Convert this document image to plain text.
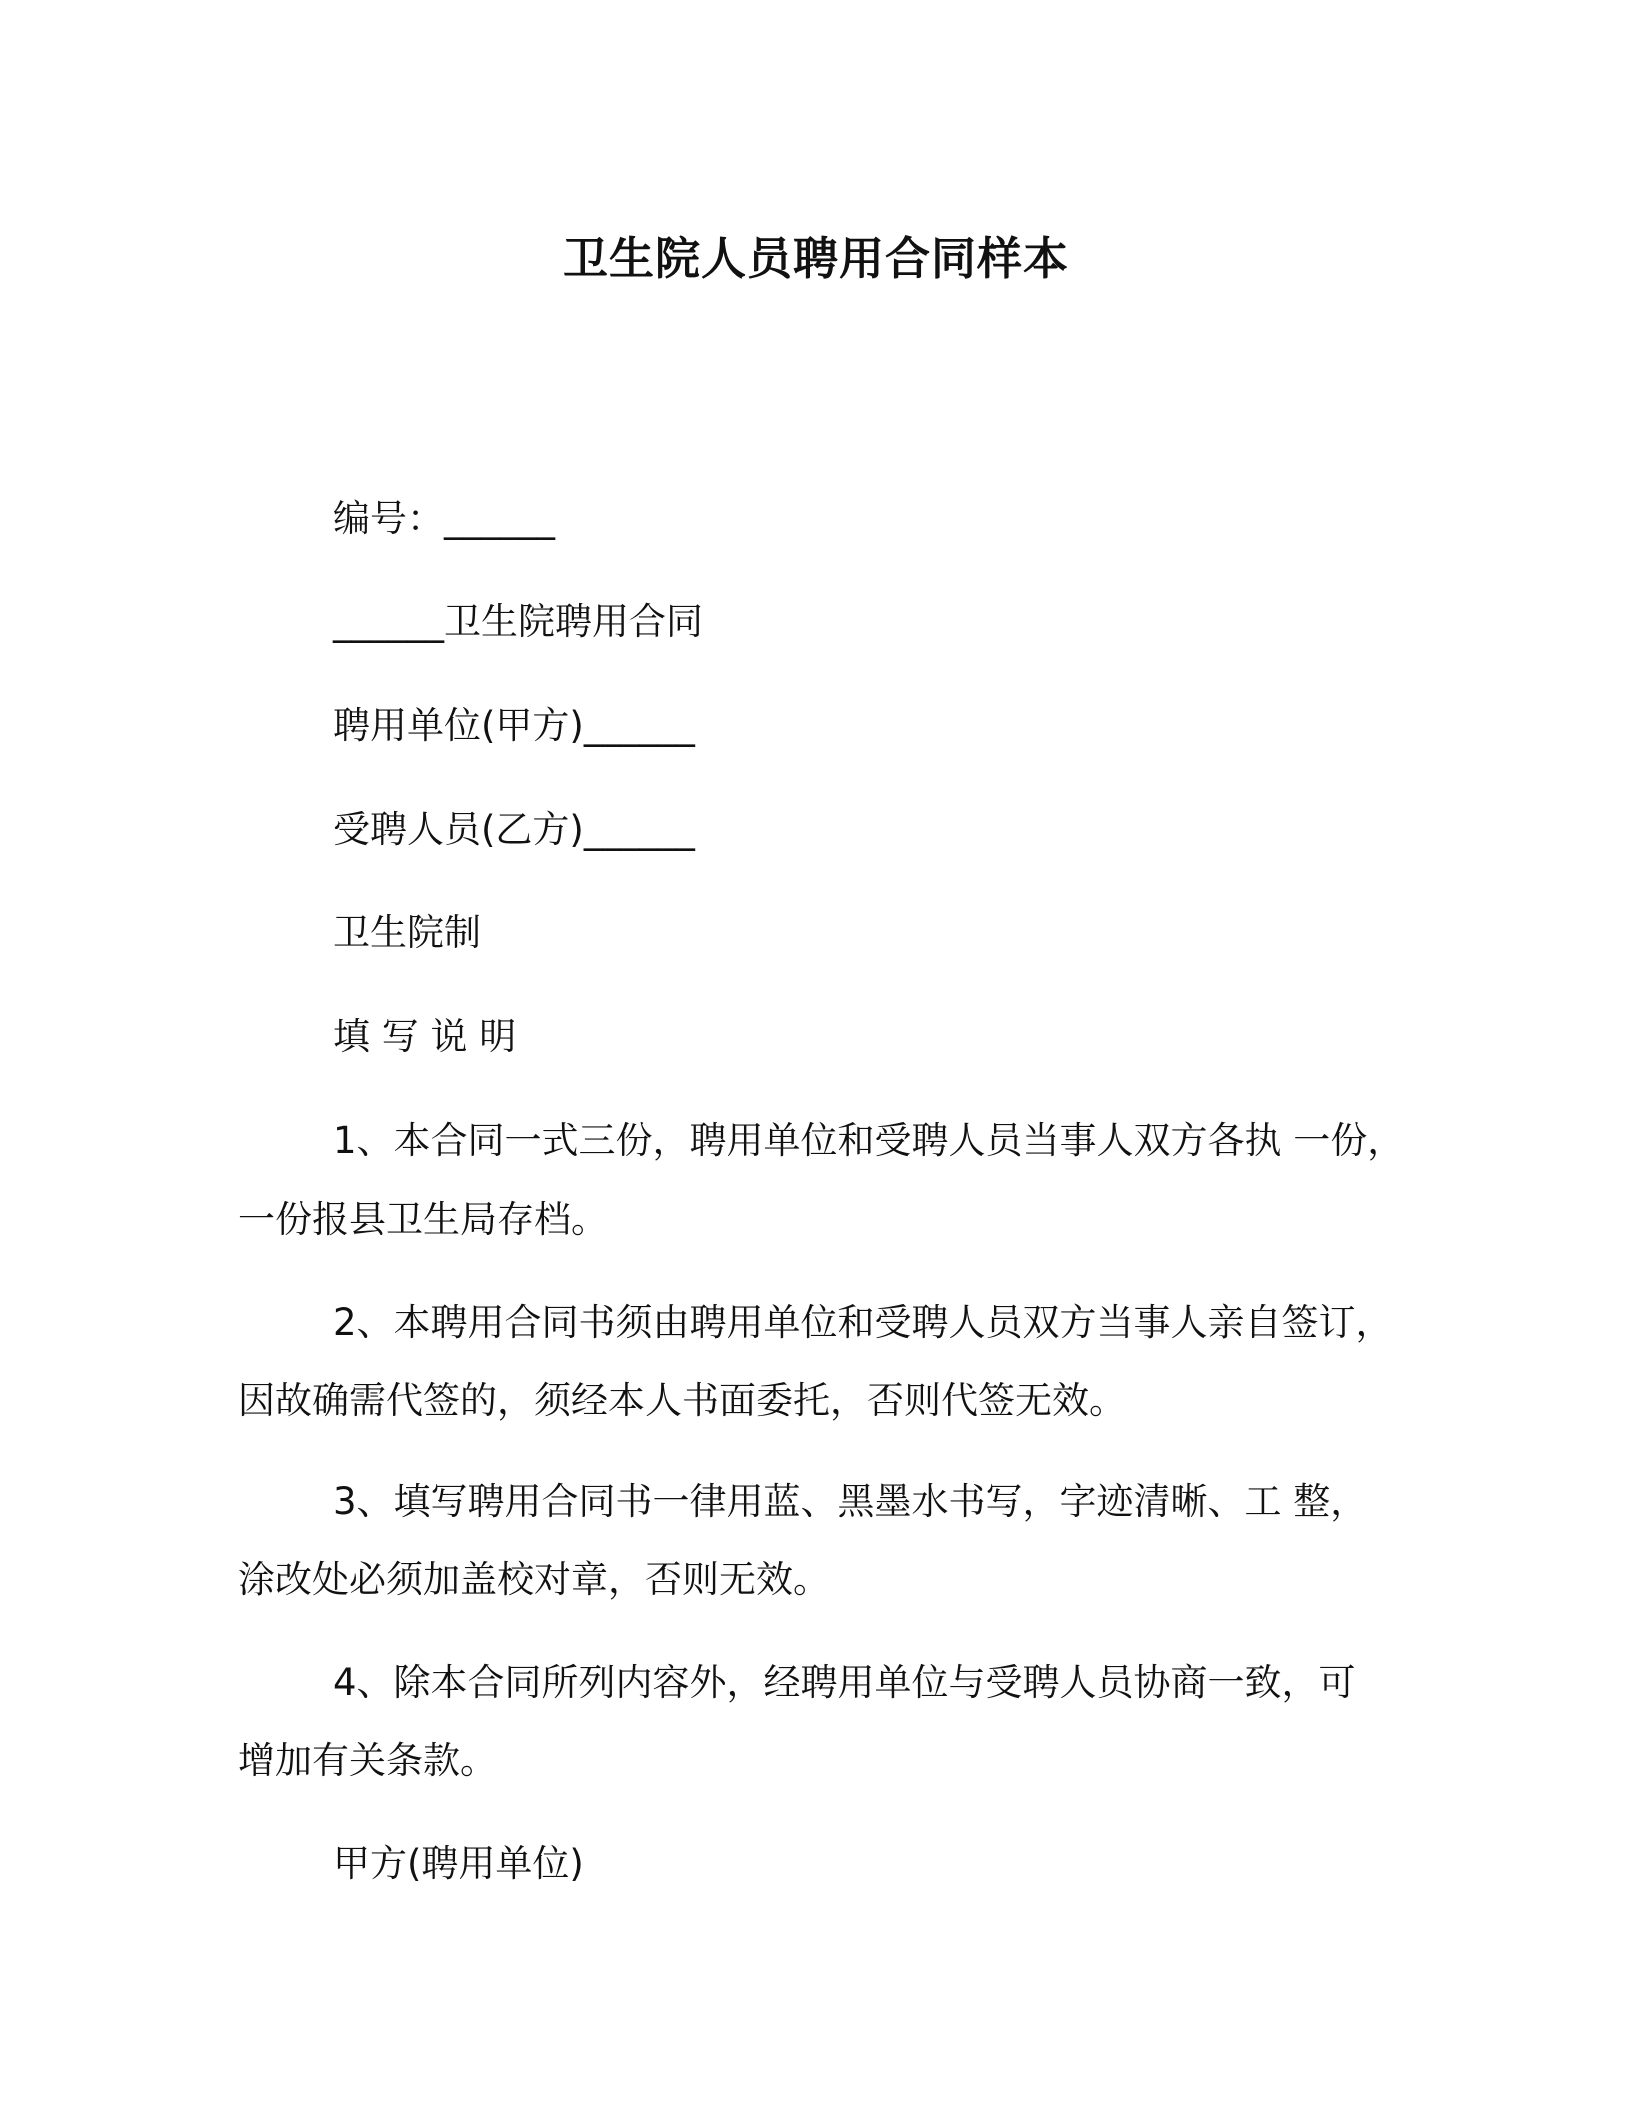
卫生院人员聘用合同样本
编号：______
______卫生院聘用合同
聘用单位(甲方)______
受聘人员(乙方)______
卫生院制
填 写 说 明
1、本合同一式三份，聘用单位和受聘人员当事人双方各执 一份，
一份报县卫生局存档。
2、本聘用合同书须由聘用单位和受聘人员双方当事人亲自签订，
因故确需代签的，须经本人书面委托，否则代签无效。
3、填写聘用合同书一律用蓝、黑墨水书写，字迹清晰、工 整，
涂改处必须加盖校对章，否则无效。
4、除本合同所列内容外，经聘用单位与受聘人员协商一致，可
增加有关条款。
甲方(聘用单位)
